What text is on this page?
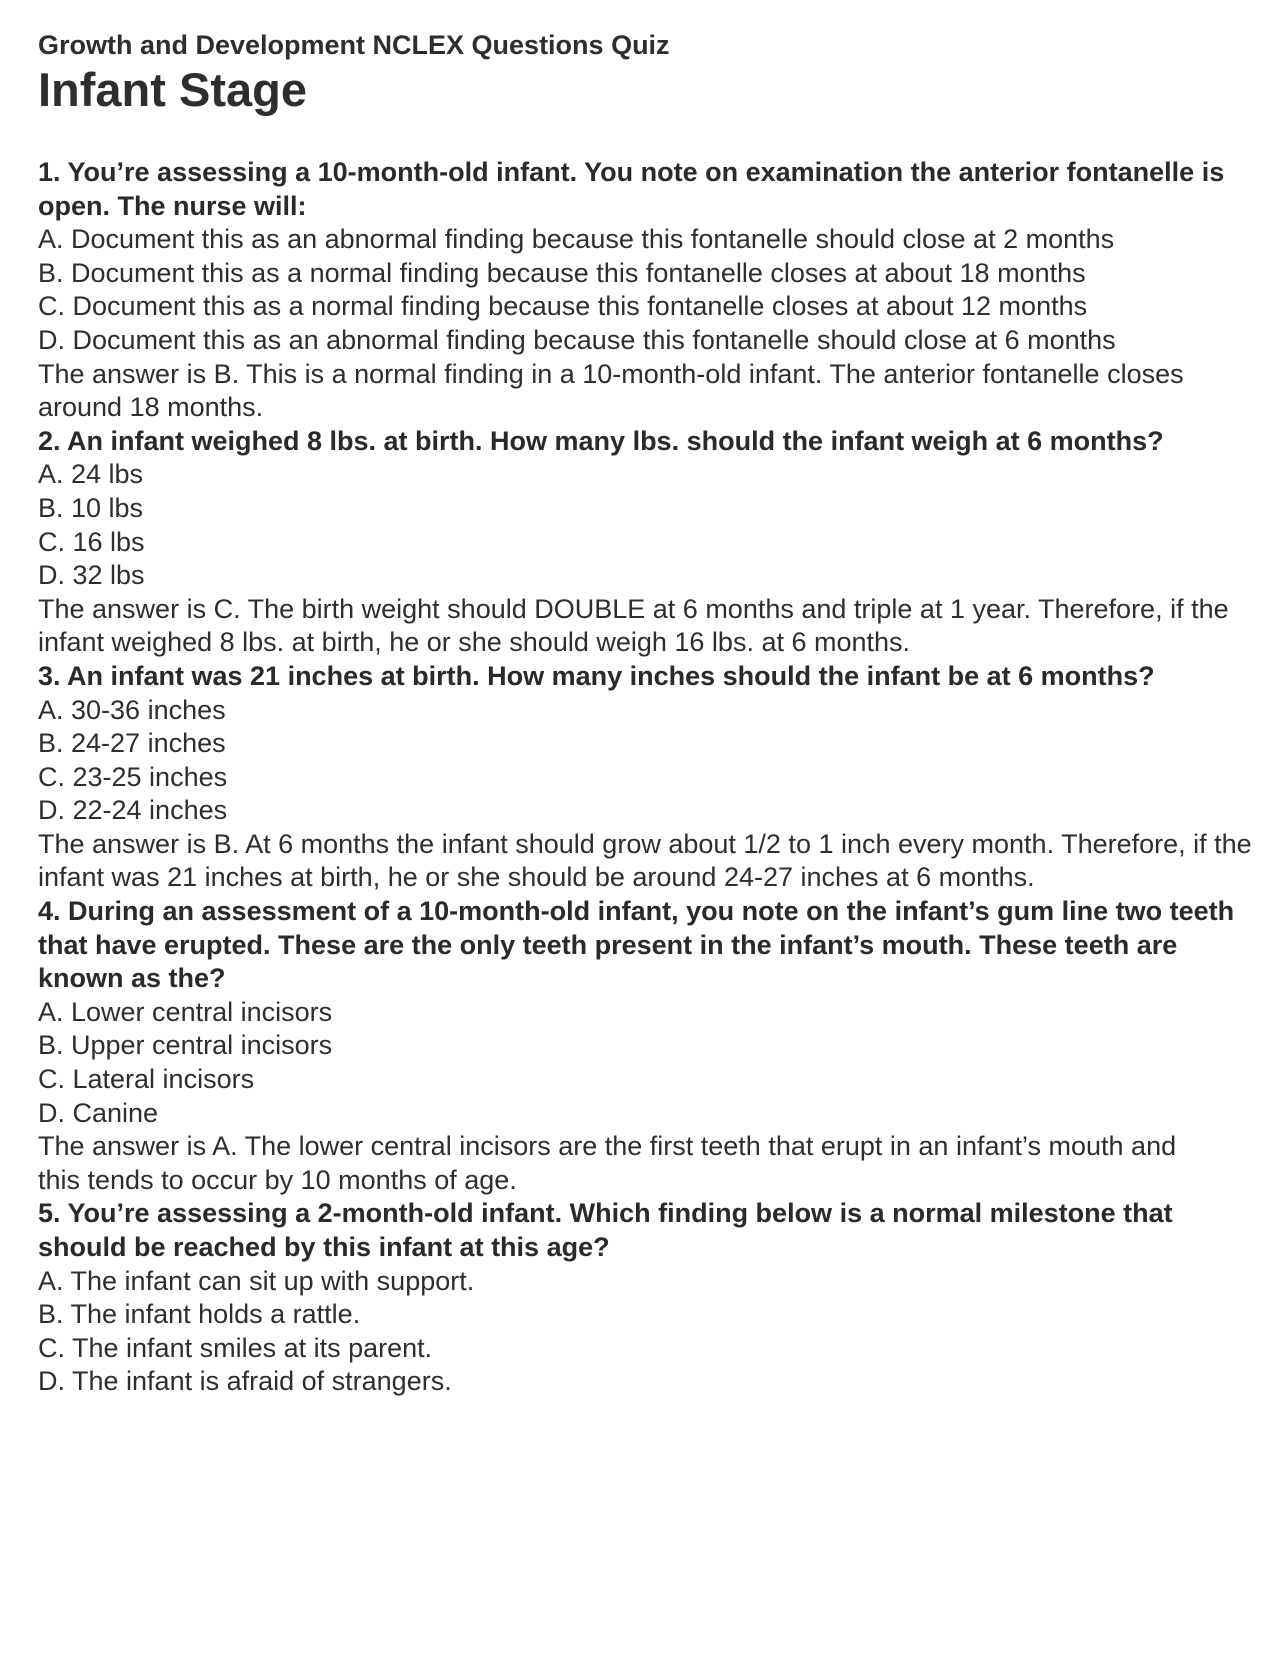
Growth and Development NCLEX Questions Quiz
Infant Stage

1. You’re assessing a 10-month-old infant. You note on examination the anterior fontanelle is open. The nurse will:

A. Document this as an abnormal finding because this fontanelle should close at 2 months

B. Document this as a normal finding because this fontanelle closes at about 18 months

C. Document this as a normal finding because this fontanelle closes at about 12 months

D. Document this as an abnormal finding because this fontanelle should close at 6 months

The answer is B. This is a normal finding in a 10-month-old infant. The anterior fontanelle closes around 18 months.

2. An infant weighed 8 lbs. at birth. How many lbs. should the infant weigh at 6 months?

A. 24 lbs

B. 10 lbs

C. 16 lbs

D. 32 lbs

The answer is C. The birth weight should DOUBLE at 6 months and triple at 1 year. Therefore, if the infant weighed 8 lbs. at birth, he or she should weigh 16 lbs. at 6 months.

3. An infant was 21 inches at birth. How many inches should the infant be at 6 months?

A. 30-36 inches

B. 24-27 inches

C. 23-25 inches

D. 22-24 inches

The answer is B. At 6 months the infant should grow about 1/2 to 1 inch every month. Therefore, if the infant was 21 inches at birth, he or she should be around 24-27 inches at 6 months.

4. During an assessment of a 10-month-old infant, you note on the infant’s gum line two teeth that have erupted. These are the only teeth present in the infant’s mouth. These teeth are known as the?

A. Lower central incisors

B. Upper central incisors

C. Lateral incisors

D. Canine

The answer is A. The lower central incisors are the first teeth that erupt in an infant’s mouth and
this tends to occur by 10 months of age.

5. You’re assessing a 2-month-old infant. Which finding below is a normal milestone that should be reached by this infant at this age?

A. The infant can sit up with support.

B. The infant holds a rattle.

C. The infant smiles at its parent.

D. The infant is afraid of strangers.
